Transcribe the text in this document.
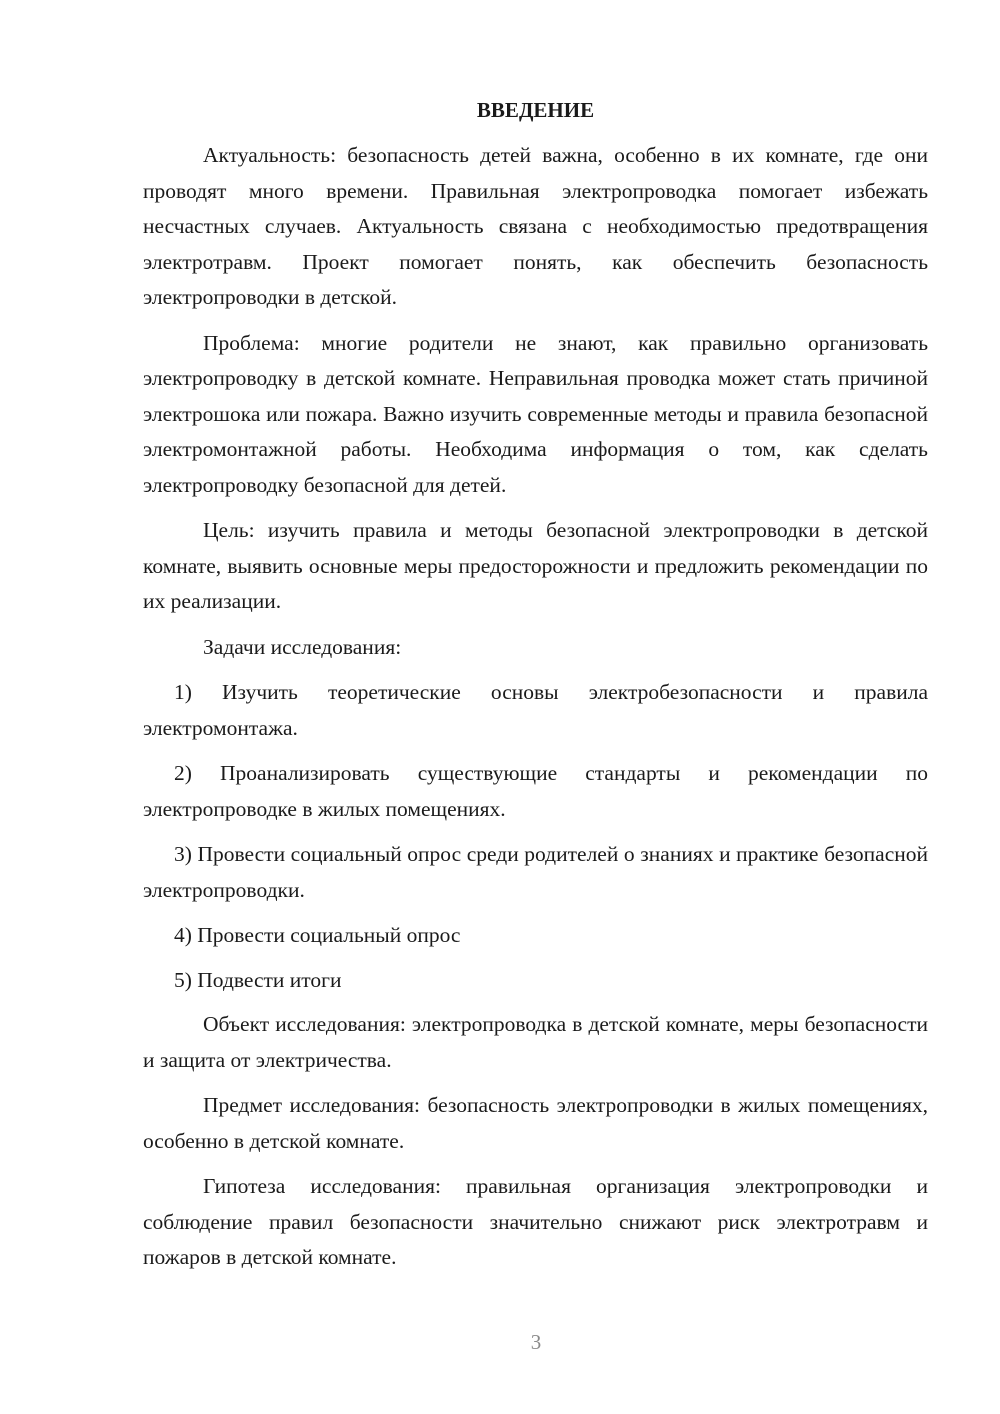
ВВЕДЕНИЕ

Актуальность: безопасность детей важна, особенно в их комнате, где они проводят много времени. Правильная электропроводка помогает избежать несчастных случаев. Актуальность связана с необходимостью предотвращения электротравм. Проект помогает понять, как обеспечить безопасность электропроводки в детской.

Проблема: многие родители не знают, как правильно организовать электропроводку в детской комнате. Неправильная проводка может стать причиной электрошока или пожара. Важно изучить современные методы и правила безопасной электромонтажной работы. Необходима информация о том, как сделать электропроводку безопасной для детей.

Цель: изучить правила и методы безопасной электропроводки в детской комнате, выявить основные меры предосторожности и предложить рекомендации по их реализации.

Задачи исследования:

1) Изучить теоретические основы электробезопасности и правила электромонтажа.

2) Проанализировать существующие стандарты и рекомендации по электропроводке в жилых помещениях.

3) Провести социальный опрос среди родителей о знаниях и практике безопасной электропроводки.

4) Провести социальный опрос

5) Подвести итоги

Объект исследования: электропроводка в детской комнате, меры безопасности и защита от электричества.

Предмет исследования: безопасность электропроводки в жилых помещениях, особенно в детской комнате.

Гипотеза исследования: правильная организация электропроводки и соблюдение правил безопасности значительно снижают риск электротравм и пожаров в детской комнате.

3
